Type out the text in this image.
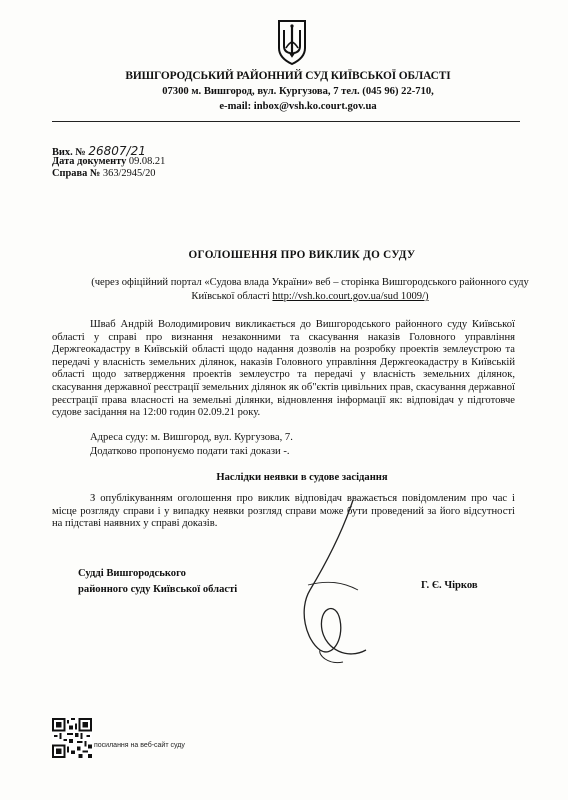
ВИШГОРОДСЬКИЙ РАЙОННИЙ СУД КИЇВСЬКОЇ ОБЛАСТІ
07300 м. Вишгород, вул. Кургузова, 7 тел. (045 96) 22-710,
e-mail: inbox@vsh.ko.court.gov.ua
Вих. № 26807/21
Дата документу 09.08.21
Справа № 363/2945/20
ОГОЛОШЕННЯ ПРО ВИКЛИК ДО СУДУ
(через офіційний портал «Судова влада України» веб – сторінка Вишгородського районного суду Київської області http://vsh.ko.court.gov.ua/sud 1009/)
Шваб Андрій Володимирович викликається до Вишгородського районного суду Київської області у справі про визнання незаконними та скасування наказів Головного управління Держгеокадастру в Київській області щодо надання дозволів на розробку проектів землеустрою та передачі у власність земельних ділянок, наказів Головного управління Держгеокадастру в Київській області щодо затвердження проектів землеустро та передачі у власність земельних ділянок, скасування державної реєстрації земельних ділянок як об"єктів цивільних прав, скасування державної реєстрації права власності на земельні ділянки, відновлення інформації як: відповідач у підготовче судове засідання на 12:00 годин 02.09.21 року.
Адреса суду: м. Вишгород, вул. Кургузова, 7.
Додатково пропонуємо подати такі докази -.
Наслідки неявки в судове засідання
З опублікуванням оголошення про виклик відповідач вважається повідомленим про час і місце розгляду справи і у випадку неявки розгляд справи може бути проведений за його відсутності на підставі наявних у справі доказів.
Судді Вишгородського
районного суду Київської області	Г. Є. Чірков
посилання на веб-сайт суду
